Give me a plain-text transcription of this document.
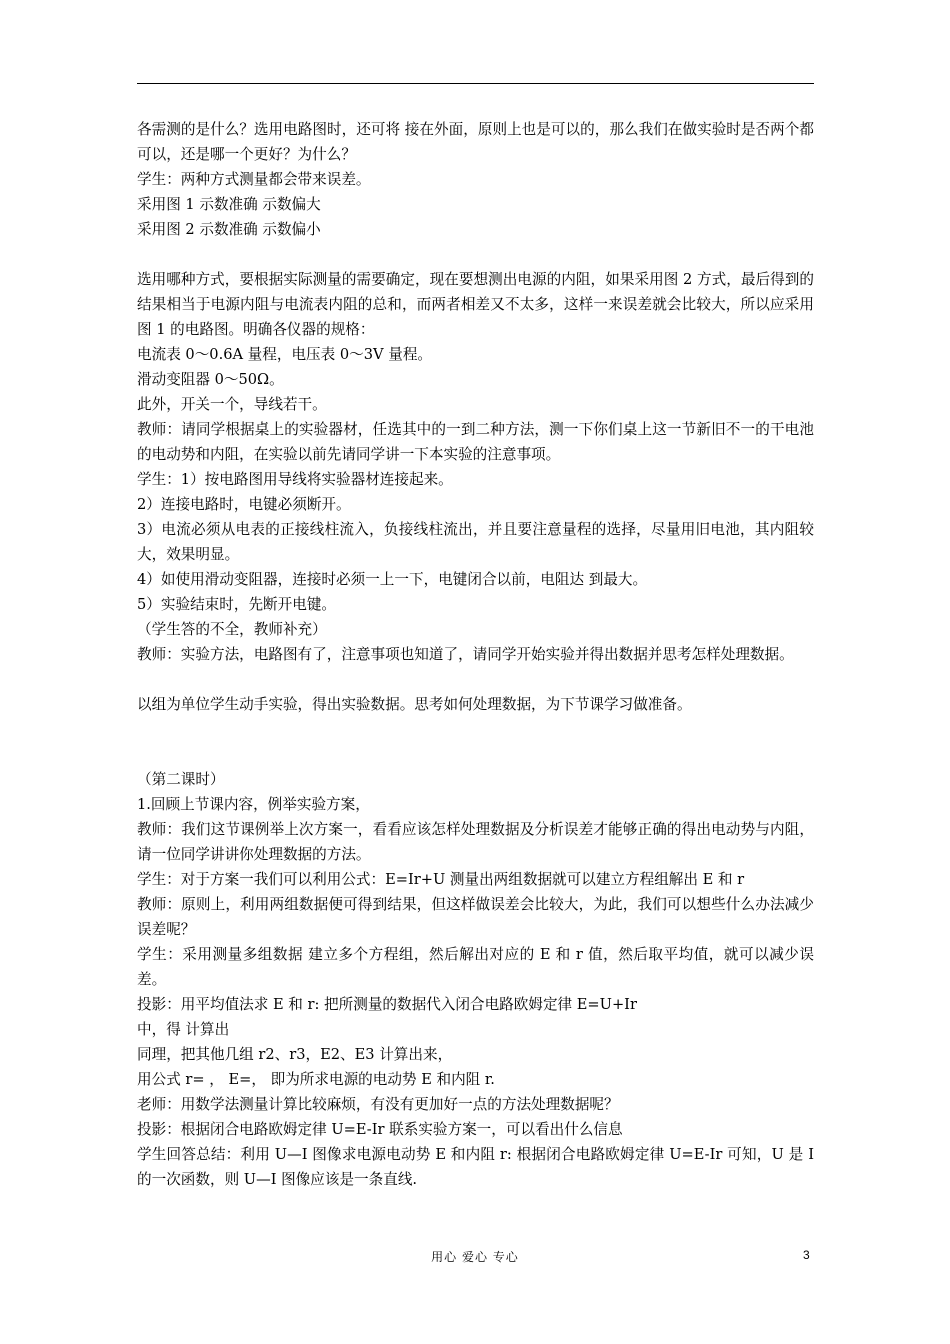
各需测的是什么？选用电路图时，还可将 接在外面，原则上也是可以的，那么我们在做实验时是否两个都可以，还是哪一个更好？为什么？

学生：两种方式测量都会带来误差。

采用图 1 示数准确 示数偏大

采用图 2 示数准确 示数偏小

选用哪种方式，要根据实际测量的需要确定，现在要想测出电源的内阻，如果采用图 2 方式，最后得到的结果相当于电源内阻与电流表内阻的总和，而两者相差又不太多，这样一来误差就会比较大，所以应采用图 1 的电路图。明确各仪器的规格：

电流表 0～0.6A 量程，电压表 0～3V 量程。

滑动变阻器 0～50Ω。

此外，开关一个，导线若干。

教师：请同学根据桌上的实验器材，任选其中的一到二种方法，测一下你们桌上这一节新旧不一的干电池的电动势和内阻，在实验以前先请同学讲一下本实验的注意事项。

学生：1）按电路图用导线将实验器材连接起来。

2）连接电路时，电键必须断开。

3）电流必须从电表的正接线柱流入，负接线柱流出，并且要注意量程的选择，尽量用旧电池，其内阻较大，效果明显。

4）如使用滑动变阻器，连接时必须一上一下，电键闭合以前，电阻达 到最大。

5）实验结束时，先断开电键。

（学生答的不全，教师补充）

教师：实验方法，电路图有了，注意事项也知道了，请同学开始实验并得出数据并思考怎样处理数据。

以组为单位学生动手实验，得出实验数据。思考如何处理数据，为下节课学习做准备。

（第二课时）

1.回顾上节课内容，例举实验方案，

教师：我们这节课例举上次方案一，看看应该怎样处理数据及分析误差才能够正确的得出电动势与内阻，请一位同学讲讲你处理数据的方法。

学生：对于方案一我们可以利用公式：E=Ir+U 测量出两组数据就可以建立方程组解出 E 和 r

教师：原则上，利用两组数据便可得到结果，但这样做误差会比较大，为此，我们可以想些什么办法减少误差呢？

学生：采用测量多组数据 建立多个方程组，然后解出对应的 E 和 r 值，然后取平均值，就可以减少误差。

投影：用平均值法求 E 和 r: 把所测量的数据代入闭合电路欧姆定律 E=U+Ir

中，得 计算出

同理，把其他几组 r2、r3，E2、E3 计算出来，

用公式 r= ， E=， 即为所求电源的电动势 E 和内阻 r.

老师：用数学法测量计算比较麻烦，有没有更加好一点的方法处理数据呢？

投影：根据闭合电路欧姆定律 U=E-Ir 联系实验方案一，可以看出什么信息

学生回答总结：利用 U—I 图像求电源电动势 E 和内阻 r: 根据闭合电路欧姆定律 U=E-Ir 可知，U 是 I 的一次函数，则 U—I 图像应该是一条直线.

用心 爱心 专心	3
